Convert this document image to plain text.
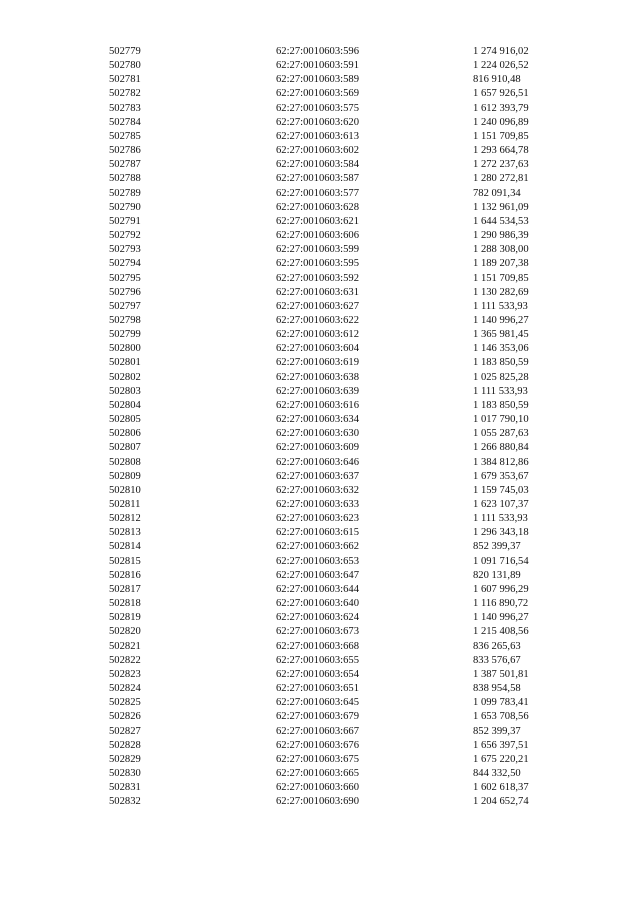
502779	62:27:0010603:596	1 274 916,02
502780	62:27:0010603:591	1 224 026,52
502781	62:27:0010603:589	816 910,48
502782	62:27:0010603:569	1 657 926,51
502783	62:27:0010603:575	1 612 393,79
502784	62:27:0010603:620	1 240 096,89
502785	62:27:0010603:613	1 151 709,85
502786	62:27:0010603:602	1 293 664,78
502787	62:27:0010603:584	1 272 237,63
502788	62:27:0010603:587	1 280 272,81
502789	62:27:0010603:577	782 091,34
502790	62:27:0010603:628	1 132 961,09
502791	62:27:0010603:621	1 644 534,53
502792	62:27:0010603:606	1 290 986,39
502793	62:27:0010603:599	1 288 308,00
502794	62:27:0010603:595	1 189 207,38
502795	62:27:0010603:592	1 151 709,85
502796	62:27:0010603:631	1 130 282,69
502797	62:27:0010603:627	1 111 533,93
502798	62:27:0010603:622	1 140 996,27
502799	62:27:0010603:612	1 365 981,45
502800	62:27:0010603:604	1 146 353,06
502801	62:27:0010603:619	1 183 850,59
502802	62:27:0010603:638	1 025 825,28
502803	62:27:0010603:639	1 111 533,93
502804	62:27:0010603:616	1 183 850,59
502805	62:27:0010603:634	1 017 790,10
502806	62:27:0010603:630	1 055 287,63
502807	62:27:0010603:609	1 266 880,84
502808	62:27:0010603:646	1 384 812,86
502809	62:27:0010603:637	1 679 353,67
502810	62:27:0010603:632	1 159 745,03
502811	62:27:0010603:633	1 623 107,37
502812	62:27:0010603:623	1 111 533,93
502813	62:27:0010603:615	1 296 343,18
502814	62:27:0010603:662	852 399,37
502815	62:27:0010603:653	1 091 716,54
502816	62:27:0010603:647	820 131,89
502817	62:27:0010603:644	1 607 996,29
502818	62:27:0010603:640	1 116 890,72
502819	62:27:0010603:624	1 140 996,27
502820	62:27:0010603:673	1 215 408,56
502821	62:27:0010603:668	836 265,63
502822	62:27:0010603:655	833 576,67
502823	62:27:0010603:654	1 387 501,81
502824	62:27:0010603:651	838 954,58
502825	62:27:0010603:645	1 099 783,41
502826	62:27:0010603:679	1 653 708,56
502827	62:27:0010603:667	852 399,37
502828	62:27:0010603:676	1 656 397,51
502829	62:27:0010603:675	1 675 220,21
502830	62:27:0010603:665	844 332,50
502831	62:27:0010603:660	1 602 618,37
502832	62:27:0010603:690	1 204 652,74
